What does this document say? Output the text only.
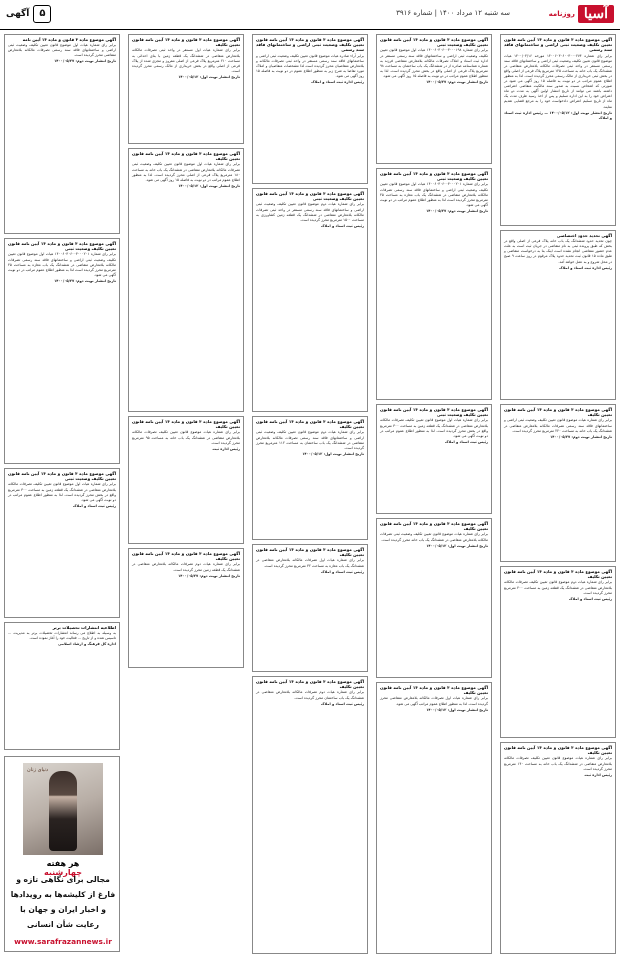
۵
آگهی	سه شنبه ۱۲ مرداد ۱۴۰۰ | شماره ۳۹۱۶	روزنامه آسیا
آگهی موضوع ماده ۳ قانون و ماده ۱۳ آیین نامه قانون تعیین تکلیف وضعیت ثبتی اراضی و ساختمانهای فاقد سند رسمی
برابر رای شماره ۱۴۰۰۶۰۳۰۶۰۰۳۰۰۰۲۷۴ مورخه ۱۴۰۰/۰۴/۱۶ هیات موضوع قانون تعیین تکلیف وضعیت ثبتی اراضی و ساختمانهای فاقد سند رسمی مستقر در واحد ثبتی تصرفات مالکانه بلامعارض متقاضی در ششدانگ یک باب خانه به مساحت ۱۲۵ مترمربع پلاک فرعی از اصلی واقع در بخش ثبتی خریداری از مالک رسمی محرز گردیده است. لذا به منظور اطلاع عموم مراتب در دو نوبت به فاصله ۱۵ روز آگهی می شود در صورتی که اشخاص نسبت به صدور سند مالکیت متقاضی اعتراضی داشته باشند می توانند از تاریخ انتشار اولین آگهی به مدت دو ماه اعتراض خود را به این اداره تسلیم و پس از اخذ رسید ظرف مدت یک ماه از تاریخ تسلیم اعتراض دادخواست خود را به مرجع قضایی تقدیم نمایند.
تاریخ انتشار نوبت اول: ۱۴۰۰/۰۵/۱۲ — رئیس اداره ثبت اسناد و املاک
آگهی تحدید حدود اختصاصی
چون تحدید حدود ششدانگ یک باب خانه پلاک فرعی از اصلی واقع در بخش که طبق پرونده ثبتی به نام متقاضی در جریان ثبت است به علت عدم حضور متقاضی انجام نشده است اینک بنا به درخواست متقاضی و طبق ماده ۱۵ قانون ثبت تحدید حدود پلاک مرقوم در روز ساعت ۹ صبح در محل شروع و به عمل خواهد آمد.
رئیس اداره ثبت اسناد و املاک
آگهی موضوع ماده ۳ قانون و ماده ۱۳ آیین نامه قانون تعیین تکلیف
برابر رای شماره هیات موضوع قانون تعیین تکلیف وضعیت ثبتی اراضی و ساختمانهای فاقد سند رسمی تصرفات مالکانه بلامعارض متقاضی در ششدانگ یک باب خانه به مساحت ۲۲۰ مترمربع محرز گردیده است.
تاریخ انتشار نوبت دوم: ۱۴۰۰/۰۵/۲۷
آگهی موضوع ماده ۳ قانون و ماده ۱۳ آیین نامه قانون تعیین تکلیف
برابر رای شماره هیات دوم موضوع قانون تعیین تکلیف تصرفات مالکانه بلامعارض متقاضی در ششدانگ یک قطعه زمین به مساحت ۴۰۰ مترمربع محرز گردیده است.
رئیس ثبت اسناد و املاک
آگهی موضوع ماده ۳ قانون و ماده ۱۳ آیین نامه قانون تعیین تکلیف
برابر رای شماره هیات موضوع قانون تعیین تکلیف تصرفات مالکانه بلامعارض متقاضی در ششدانگ یک باب خانه به مساحت ۱۴۰ مترمربع محرز گردیده است.
رئیس اداره ثبت
آگهی موضوع ماده ۳ قانون و ماده ۱۳ آیین نامه قانون تعیین تکلیف وضعیت ثبتی
برابر رای شماره ۱۴۰۰۶۰۳۰۶۰۰۳۰۰۰۱۹۸ هیات اول موضوع قانون تعیین تکلیف وضعیت ثبتی اراضی و ساختمانهای فاقد سند رسمی مستقر در اداره ثبت اسناد و املاک تصرفات مالکانه بلامعارض متقاضی فرزند به شماره شناسنامه صادره از در ششدانگ یک باب ساختمان به مساحت ۹۸ مترمربع پلاک فرعی از اصلی واقع در بخش محرز گردیده است. لذا به منظور اطلاع عموم مراتب در دو نوبت به فاصله ۱۵ روز آگهی می شود.
تاریخ انتشار نوبت دوم: ۱۴۰۰/۰۵/۲۷
آگهی موضوع ماده ۳ قانون و ماده ۱۳ آیین نامه قانون تعیین تکلیف وضعیت ثبتی
برابر رای شماره ۱۴۰۰۶۰۳۰۶۰۰۳۰۰۰۲۰۱ هیات اول موضوع قانون تعیین تکلیف وضعیت ثبتی اراضی و ساختمانهای فاقد سند رسمی تصرفات مالکانه بلامعارض متقاضی در ششدانگ یک باب مغازه به مساحت ۴۵ مترمربع محرز گردیده است لذا به منظور اطلاع عموم مراتب در دو نوبت آگهی می شود.
تاریخ انتشار نوبت دوم: ۱۴۰۰/۰۵/۲۷
آگهی موضوع ماده ۳ قانون و ماده ۱۳ آیین نامه قانون تعیین تکلیف وضعیت ثبتی
برابر رای شماره هیات اول موضوع قانون تعیین تکلیف تصرفات مالکانه بلامعارض متقاضی در ششدانگ یک قطعه زمین به مساحت ۳۰۰ مترمربع واقع در بخش محرز گردیده است. لذا به منظور اطلاع عموم مراتب در دو نوبت آگهی می شود.
رئیس ثبت اسناد و املاک
آگهی موضوع ماده ۳ قانون و ماده ۱۳ آیین نامه قانون تعیین تکلیف
برابر رای شماره هیات موضوع قانون تعیین تکلیف وضعیت ثبتی تصرفات مالکانه بلامعارض متقاضی در ششدانگ یک باب خانه محرز گردیده است.
تاریخ انتشار نوبت اول: ۱۴۰۰/۰۵/۱۲
آگهی موضوع ماده ۳ قانون و ماده ۱۳ آیین نامه قانون تعیین تکلیف
برابر رای شماره هیات اول تصرفات مالکانه بلامعارض متقاضی محرز گردیده است. لذا به منظور اطلاع عموم مراتب آگهی می شود.
تاریخ انتشار نوبت اول: ۱۴۰۰/۰۵/۱۲
آگهی موضوع ماده ۳ قانون و ماده ۱۳ آیین نامه قانون تعیین تکلیف وضعیت ثبتی اراضی و ساختمانهای فاقد سند رسمی
برابر آراء صادره هیات موضوع قانون تعیین تکلیف وضعیت ثبتی اراضی و ساختمانهای فاقد سند رسمی مستقر در واحد ثبتی تصرفات مالکانه و بلامعارض متقاضیان محرز گردیده است لذا مشخصات متقاضیان و املاک مورد تقاضا به شرح زیر به منظور اطلاع عموم در دو نوبت به فاصله ۱۵ روز آگهی می شود.
رئیس اداره ثبت اسناد و املاک
آگهی موضوع ماده ۳ قانون و ماده ۱۳ آیین نامه قانون تعیین تکلیف وضعیت ثبتی
برابر رای شماره هیات دوم موضوع قانون تعیین تکلیف وضعیت ثبتی اراضی و ساختمانهای فاقد سند رسمی مستقر در واحد ثبتی تصرفات مالکانه بلامعارض متقاضی در ششدانگ یک قطعه زمین کشاورزی به مساحت ۱۵۰۰ مترمربع محرز گردیده است.
رئیس ثبت اسناد و املاک
آگهی موضوع ماده ۳ قانون و ماده ۱۳ آیین نامه قانون تعیین تکلیف
برابر رای شماره هیات دوم موضوع قانون تعیین تکلیف وضعیت ثبتی اراضی و ساختمانهای فاقد سند رسمی تصرفات مالکانه بلامعارض متقاضی در ششدانگ یک باب ساختمان به مساحت ۱۱۲ مترمربع محرز گردیده است.
تاریخ انتشار نوبت اول: ۱۴۰۰/۰۵/۱۲
آگهی موضوع ماده ۳ قانون و ماده ۱۳ آیین نامه قانون تعیین تکلیف
برابر رای شماره هیات اول تصرفات مالکانه بلامعارض متقاضی در ششدانگ یک باب مغازه به مساحت ۳۲ مترمربع محرز گردیده است.
رئیس ثبت اسناد و املاک
آگهی موضوع ماده ۳ قانون و ماده ۱۳ آیین نامه قانون تعیین تکلیف
برابر رای شماره هیات دوم تصرفات مالکانه بلامعارض متقاضی در ششدانگ یک باب ساختمان محرز گردیده است.
رئیس ثبت اسناد و املاک
آگهی موضوع ماده ۳ قانون و ماده ۱۳ آیین نامه قانون تعیین تکلیف
برابر رای شماره هیات اول مستقر در واحد ثبتی تصرفات مالکانه بلامعارض متقاضی در ششدانگ یک قطعه زمین با بنای احداثی به مساحت ۲۱۰ مترمربع پلاک فرعی از اصلی مفروز و مجزی شده از پلاک فرعی از اصلی واقع در بخش خریداری از مالک رسمی محرز گردیده است.
تاریخ انتشار نوبت اول: ۱۴۰۰/۰۵/۱۲
آگهی موضوع ماده ۳ قانون و ماده ۱۳ آیین نامه قانون تعیین تکلیف
برابر رای شماره هیات اول موضوع قانون تعیین تکلیف وضعیت ثبتی تصرفات مالکانه بلامعارض متقاضی در ششدانگ یک باب خانه به مساحت ۱۸۰ مترمربع پلاک فرعی از اصلی محرز گردیده است. لذا به منظور اطلاع عموم مراتب در دو نوبت به فاصله ۱۵ روز آگهی می شود.
تاریخ انتشار نوبت اول: ۱۴۰۰/۰۵/۱۲
آگهی موضوع ماده ۳ قانون و ماده ۱۳ آیین نامه قانون تعیین تکلیف
برابر رای شماره هیات موضوع قانون تعیین تکلیف تصرفات مالکانه بلامعارض متقاضی در ششدانگ یک باب خانه به مساحت ۹۵ مترمربع محرز گردیده است.
رئیس اداره ثبت
آگهی موضوع ماده ۳ قانون و ماده ۱۳ آیین نامه قانون تعیین تکلیف
برابر رای شماره هیات دوم تصرفات مالکانه بلامعارض متقاضی در ششدانگ یک قطعه زمین محرز گردیده است.
تاریخ انتشار نوبت دوم: ۱۴۰۰/۰۵/۲۷
آگهی موضوع ماده ۳ قانون و ماده ۱۳ آیین نامه
برابر رای شماره هیات اول موضوع قانون تعیین تکلیف وضعیت ثبتی اراضی و ساختمانهای فاقد سند رسمی تصرفات مالکانه بلامعارض متقاضی محرز گردیده است.
تاریخ انتشار نوبت دوم: ۱۴۰۰/۰۵/۲۷
آگهی موضوع ماده ۳ قانون و ماده ۱۳ آیین نامه قانون تعیین تکلیف وضعیت ثبتی
برابر رای شماره ۱۴۰۰۶۰۳۰۶۰۰۳۰۰۰۲۰۱ هیات اول موضوع قانون تعیین تکلیف وضعیت ثبتی اراضی و ساختمانهای فاقد سند رسمی تصرفات مالکانه بلامعارض متقاضی در ششدانگ یک باب مغازه به مساحت ۴۵ مترمربع محرز گردیده است لذا به منظور اطلاع عموم مراتب در دو نوبت آگهی می شود.
تاریخ انتشار نوبت دوم: ۱۴۰۰/۰۵/۲۷
آگهی موضوع ماده ۳ قانون و ماده ۱۳ آیین نامه قانون تعیین تکلیف وضعیت ثبتی
برابر رای شماره هیات اول موضوع قانون تعیین تکلیف تصرفات مالکانه بلامعارض متقاضی در ششدانگ یک قطعه زمین به مساحت ۳۰۰ مترمربع واقع در بخش محرز گردیده است. لذا به منظور اطلاع عموم مراتب در دو نوبت آگهی می شود.
رئیس ثبت اسناد و املاک
اطلاعیه انتشارات تحصیلات برتر
به وسیله به اطلاع می رساند انتشارات تحصیلات برتر به مدیریت ... تاسیس شده و از تاریخ ... فعالیت خود را آغاز نموده است.
اداره کل فرهنگ و ارشاد اسلامی
دنیای زنان
هر هفته چهارشنبه
مجالی برای نگاهی تازه و
فارغ از کلیشه‌ها به رویدادها
و اخبار ایران و جهان با
رعایت شأن انسانی
www.sarafrazannews.ir
